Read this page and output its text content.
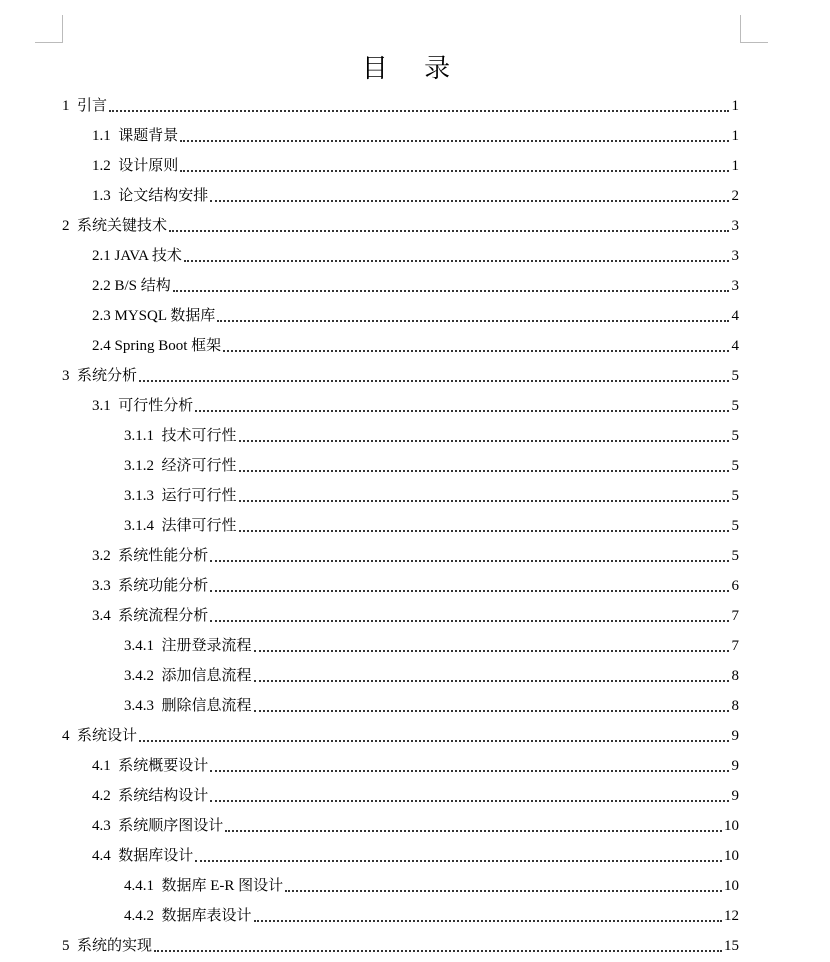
目 录
1  引言	1
1.1  课题背景	1
1.2  设计原则	1
1.3  论文结构安排	2
2  系统关键技术	3
2.1 JAVA 技术	3
2.2 B/S 结构	3
2.3 MYSQL 数据库	4
2.4 Spring Boot 框架	4
3  系统分析	5
3.1  可行性分析	5
3.1.1  技术可行性	5
3.1.2  经济可行性	5
3.1.3  运行可行性	5
3.1.4  法律可行性	5
3.2  系统性能分析	5
3.3  系统功能分析	6
3.4  系统流程分析	7
3.4.1  注册登录流程	7
3.4.2  添加信息流程	8
3.4.3  删除信息流程	8
4  系统设计	9
4.1  系统概要设计	9
4.2  系统结构设计	9
4.3  系统顺序图设计	10
4.4  数据库设计	10
4.4.1  数据库 E-R 图设计	10
4.4.2  数据库表设计	12
5  系统的实现	15
